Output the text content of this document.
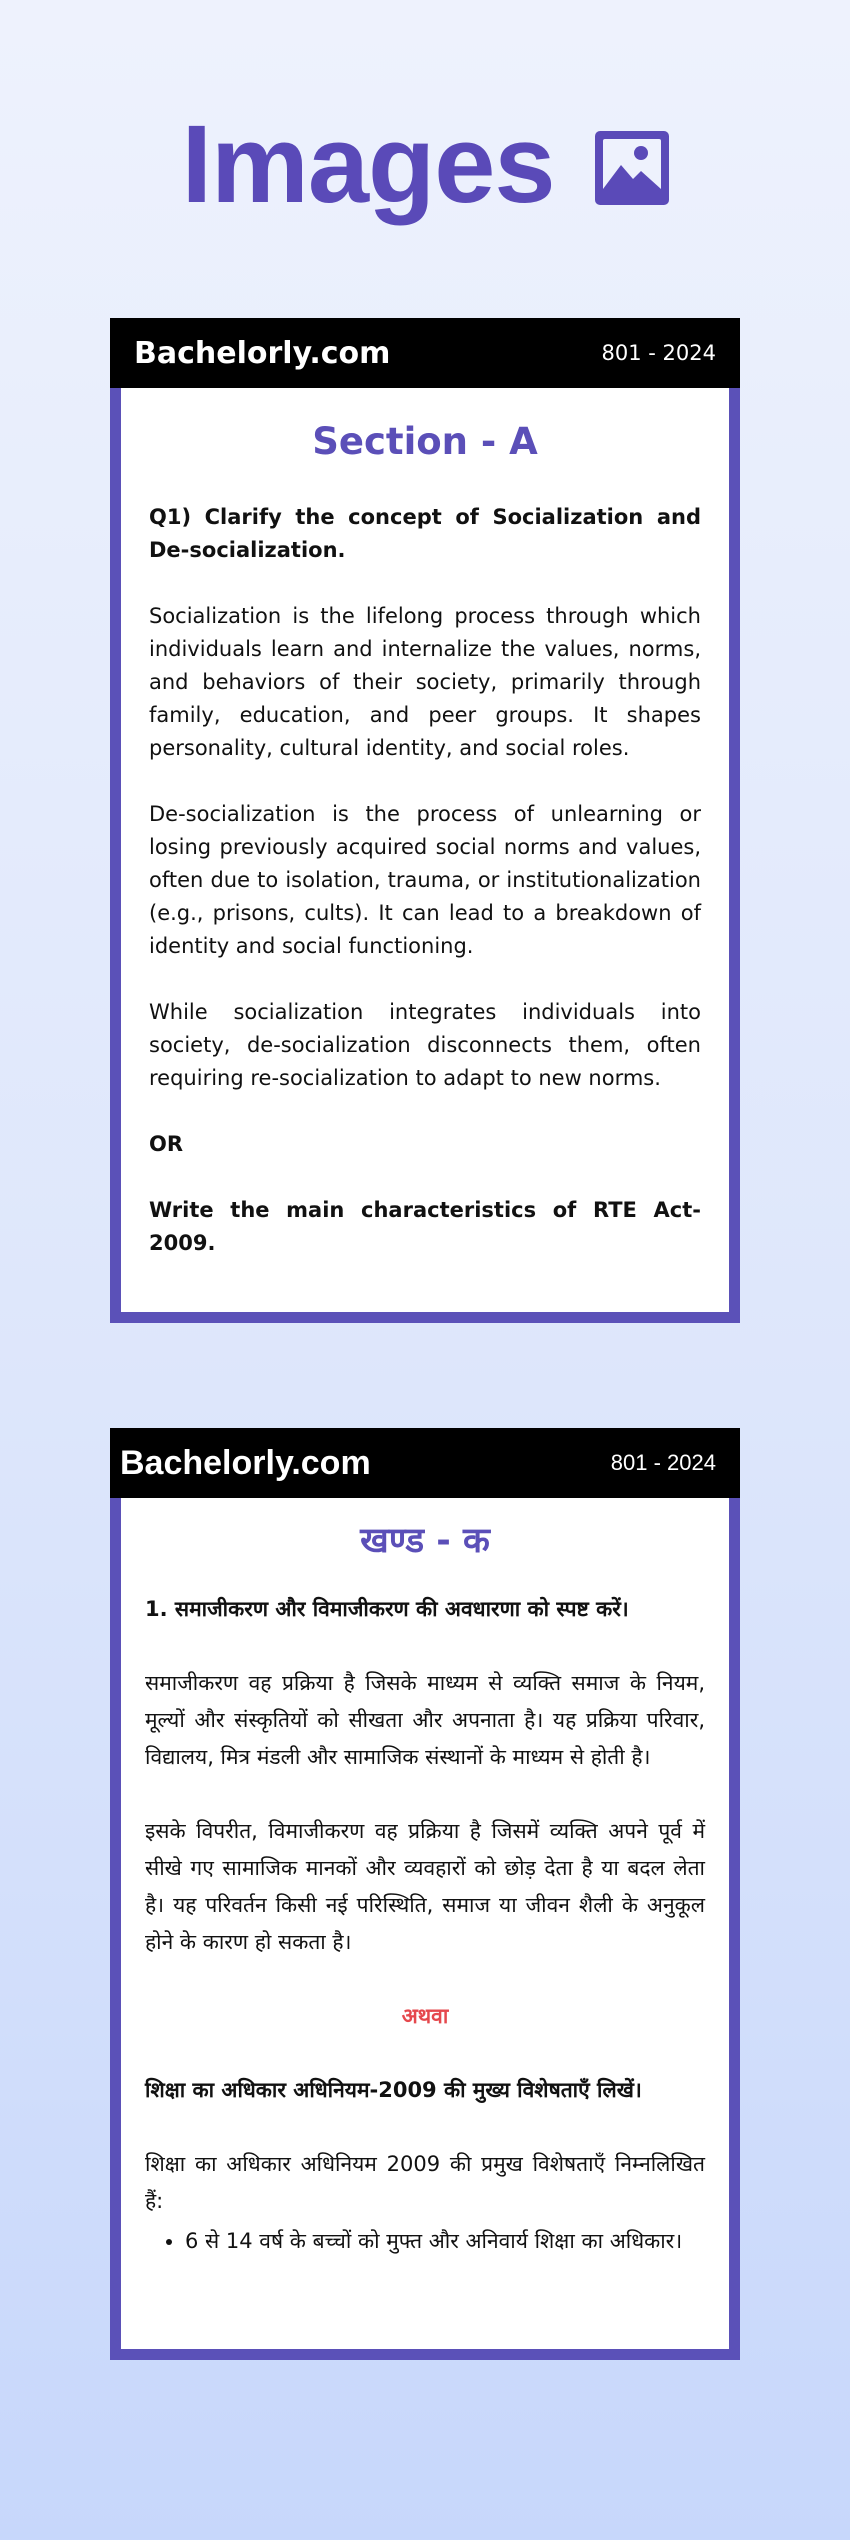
Images
Bachelorly.com	801 - 2024
Section - A

Q1) Clarify the concept of Socialization and De-socialization.

Socialization is the lifelong process through which individuals learn and internalize the values, norms, and behaviors of their society, primarily through family, education, and peer groups. It shapes personality, cultural identity, and social roles.

De-socialization is the process of unlearning or losing previously acquired social norms and values, often due to isolation, trauma, or institutionalization (e.g., prisons, cults). It can lead to a breakdown of identity and social functioning.

While socialization integrates individuals into society, de-socialization disconnects them, often requiring re-socialization to adapt to new norms.

OR

Write the main characteristics of RTE Act-2009.

Bachelorly.com	801 - 2024
खण्ड - क

1. समाजीकरण और विमाजीकरण की अवधारणा को स्पष्ट करें।

समाजीकरण वह प्रक्रिया है जिसके माध्यम से व्यक्ति समाज के नियम, मूल्यों और संस्कृतियों को सीखता और अपनाता है। यह प्रक्रिया परिवार, विद्यालय, मित्र मंडली और सामाजिक संस्थानों के माध्यम से होती है।

इसके विपरीत, विमाजीकरण वह प्रक्रिया है जिसमें व्यक्ति अपने पूर्व में सीखे गए सामाजिक मानकों और व्यवहारों को छोड़ देता है या बदल लेता है। यह परिवर्तन किसी नई परिस्थिति, समाज या जीवन शैली के अनुकूल होने के कारण हो सकता है।

अथवा

शिक्षा का अधिकार अधिनियम-2009 की मुख्य विशेषताएँ लिखें।

शिक्षा का अधिकार अधिनियम 2009 की प्रमुख विशेषताएँ निम्नलिखित हैं:

• 6 से 14 वर्ष के बच्चों को मुफ्त और अनिवार्य शिक्षा का अधिकार।
